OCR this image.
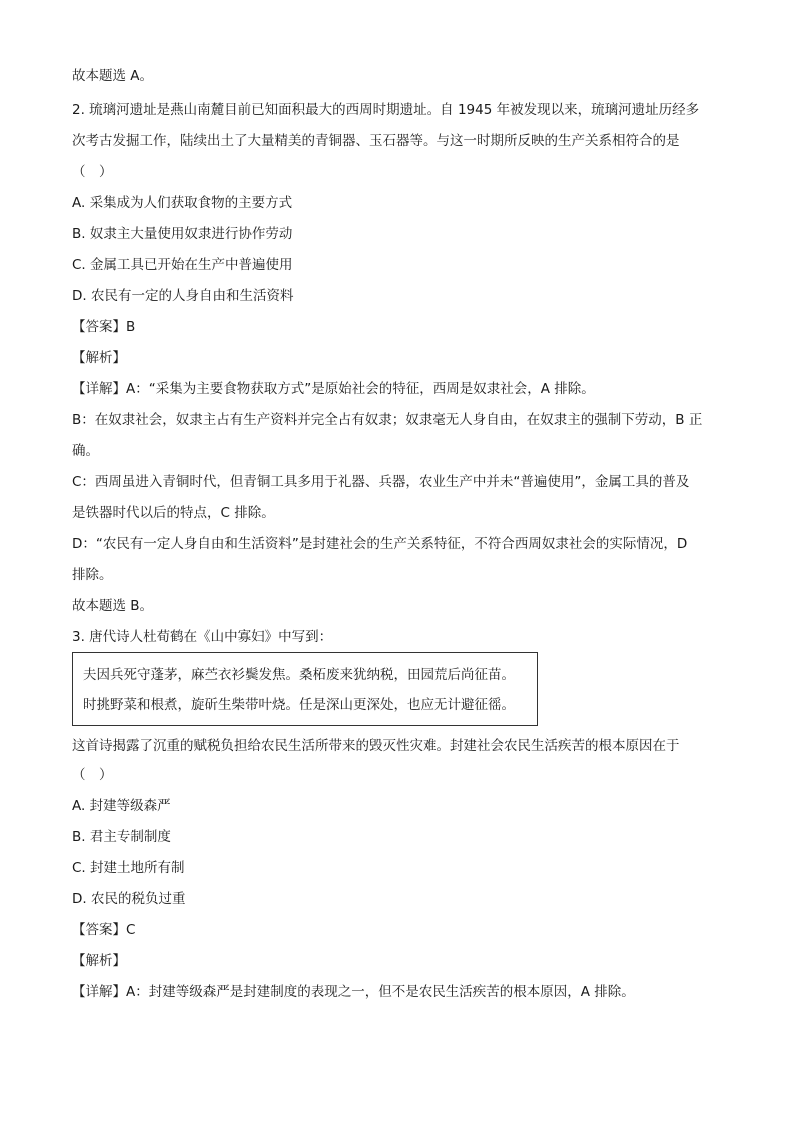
故本题选 A。
2. 琉璃河遗址是燕山南麓目前已知面积最大的西周时期遗址。自 1945 年被发现以来，琉璃河遗址历经多
次考古发掘工作，陆续出土了大量精美的青铜器、玉石器等。与这一时期所反映的生产关系相符合的是
（　）
A. 采集成为人们获取食物的主要方式
B. 奴隶主大量使用奴隶进行协作劳动
C. 金属工具已开始在生产中普遍使用
D. 农民有一定的人身自由和生活资料
【答案】B
【解析】
【详解】A：“采集为主要食物获取方式”是原始社会的特征，西周是奴隶社会，A 排除。
B：在奴隶社会，奴隶主占有生产资料并完全占有奴隶；奴隶毫无人身自由，在奴隶主的强制下劳动，B 正
确。
C：西周虽进入青铜时代，但青铜工具多用于礼器、兵器，农业生产中并未“普遍使用”，金属工具的普及
是铁器时代以后的特点，C 排除。
D：“农民有一定人身自由和生活资料”是封建社会的生产关系特征，不符合西周奴隶社会的实际情况，D
排除。
故本题选 B。
3. 唐代诗人杜荀鹤在《山中寡妇》中写到：
夫因兵死守蓬茅，麻苎衣衫鬓发焦。桑柘废来犹纳税，田园荒后尚征苗。
时挑野菜和根煮，旋斫生柴带叶烧。任是深山更深处，也应无计避征徭。
这首诗揭露了沉重的赋税负担给农民生活所带来的毁灭性灾难。封建社会农民生活疾苦的根本原因在于
（　）
A. 封建等级森严
B. 君主专制制度
C. 封建土地所有制
D. 农民的税负过重
【答案】C
【解析】
【详解】A：封建等级森严是封建制度的表现之一，但不是农民生活疾苦的根本原因，A 排除。
